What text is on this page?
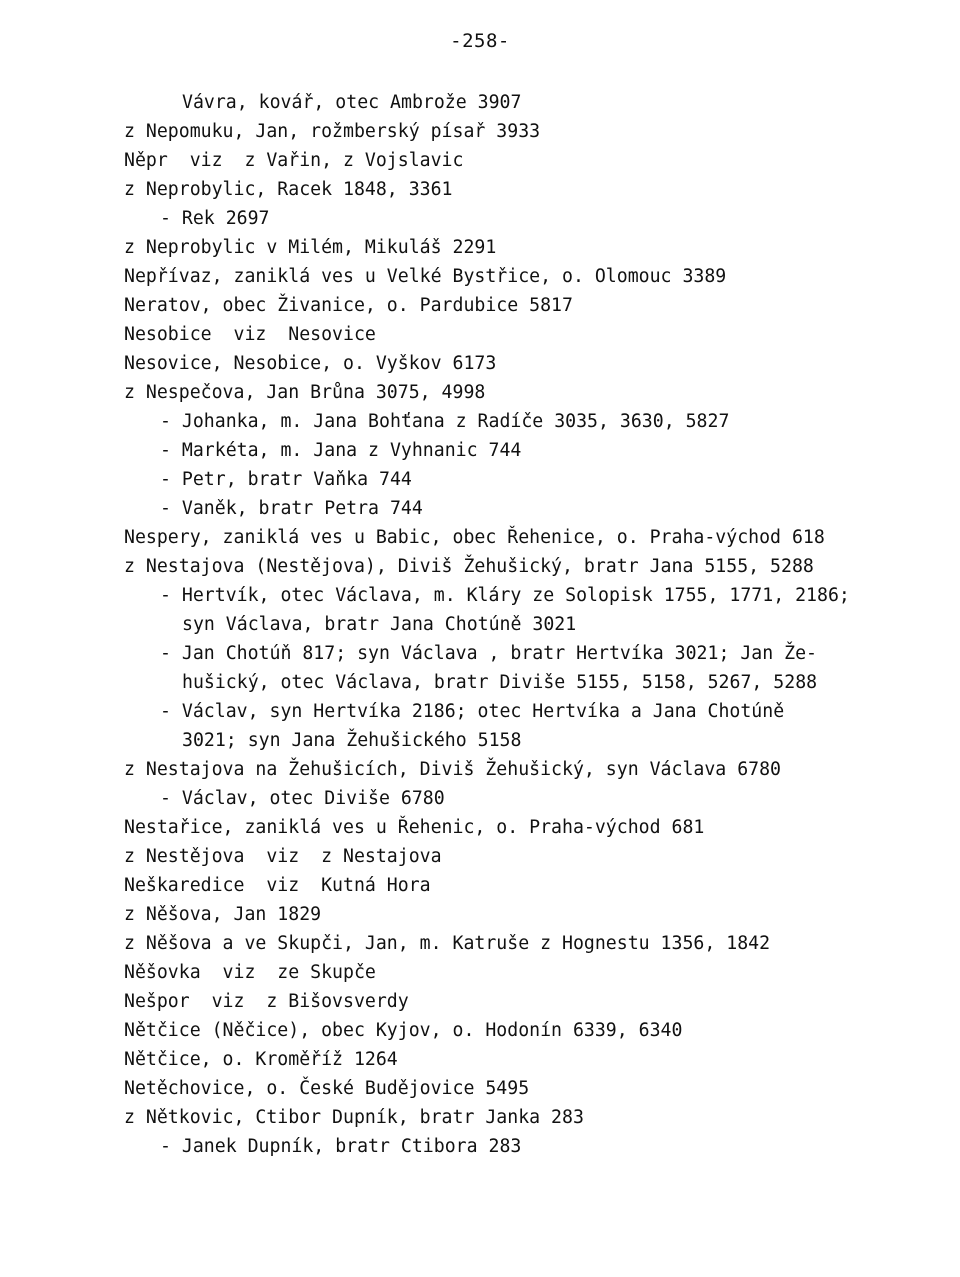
-258-
Vávra, kovář, otec Ambrože 3907
z Nepomuku, Jan, rožmberský písař 3933
Něpr  viz  z Vařin, z Vojslavic
z Neprobylic, Racek 1848, 3361
- Rek 2697
z Neprobylic v Milém, Mikuláš 2291
Nepřívaz, zaniklá ves u Velké Bystřice, o. Olomouc 3389
Neratov, obec Živanice, o. Pardubice 5817
Nesobice  viz  Nesovice
Nesovice, Nesobice, o. Vyškov 6173
z Nespečova, Jan Brůna 3075, 4998
- Johanka, m. Jana Bohťana z Radíče 3035, 3630, 5827
- Markéta, m. Jana z Vyhnanic 744
- Petr, bratr Vaňka 744
- Vaněk, bratr Petra 744
Nespery, zaniklá ves u Babic, obec Řehenice, o. Praha-východ 618
z Nestajova (Nestějova), Diviš Žehušický, bratr Jana 5155, 5288
- Hertvík, otec Václava, m. Kláry ze Solopisk 1755, 1771, 2186;
syn Václava, bratr Jana Chotúně 3021
- Jan Chotúň 817; syn Václava , bratr Hertvíka 3021; Jan Že-
hušický, otec Václava, bratr Diviše 5155, 5158, 5267, 5288
- Václav, syn Hertvíka 2186; otec Hertvíka a Jana Chotúně
3021; syn Jana Žehušického 5158
z Nestajova na Žehušicích, Diviš Žehušický, syn Václava 6780
- Václav, otec Diviše 6780
Nestařice, zaniklá ves u Řehenic, o. Praha-východ 681
z Nestějova  viz  z Nestajova
Neškaredice  viz  Kutná Hora
z Něšova, Jan 1829
z Něšova a ve Skupči, Jan, m. Katruše z Hognestu 1356, 1842
Něšovka  viz  ze Skupče
Nešpor  viz  z Bišovsverdy
Nětčice (Něčice), obec Kyjov, o. Hodonín 6339, 6340
Nětčice, o. Kroměříž 1264
Netěchovice, o. České Budějovice 5495
z Nětkovic, Ctibor Dupník, bratr Janka 283
- Janek Dupník, bratr Ctibora 283
